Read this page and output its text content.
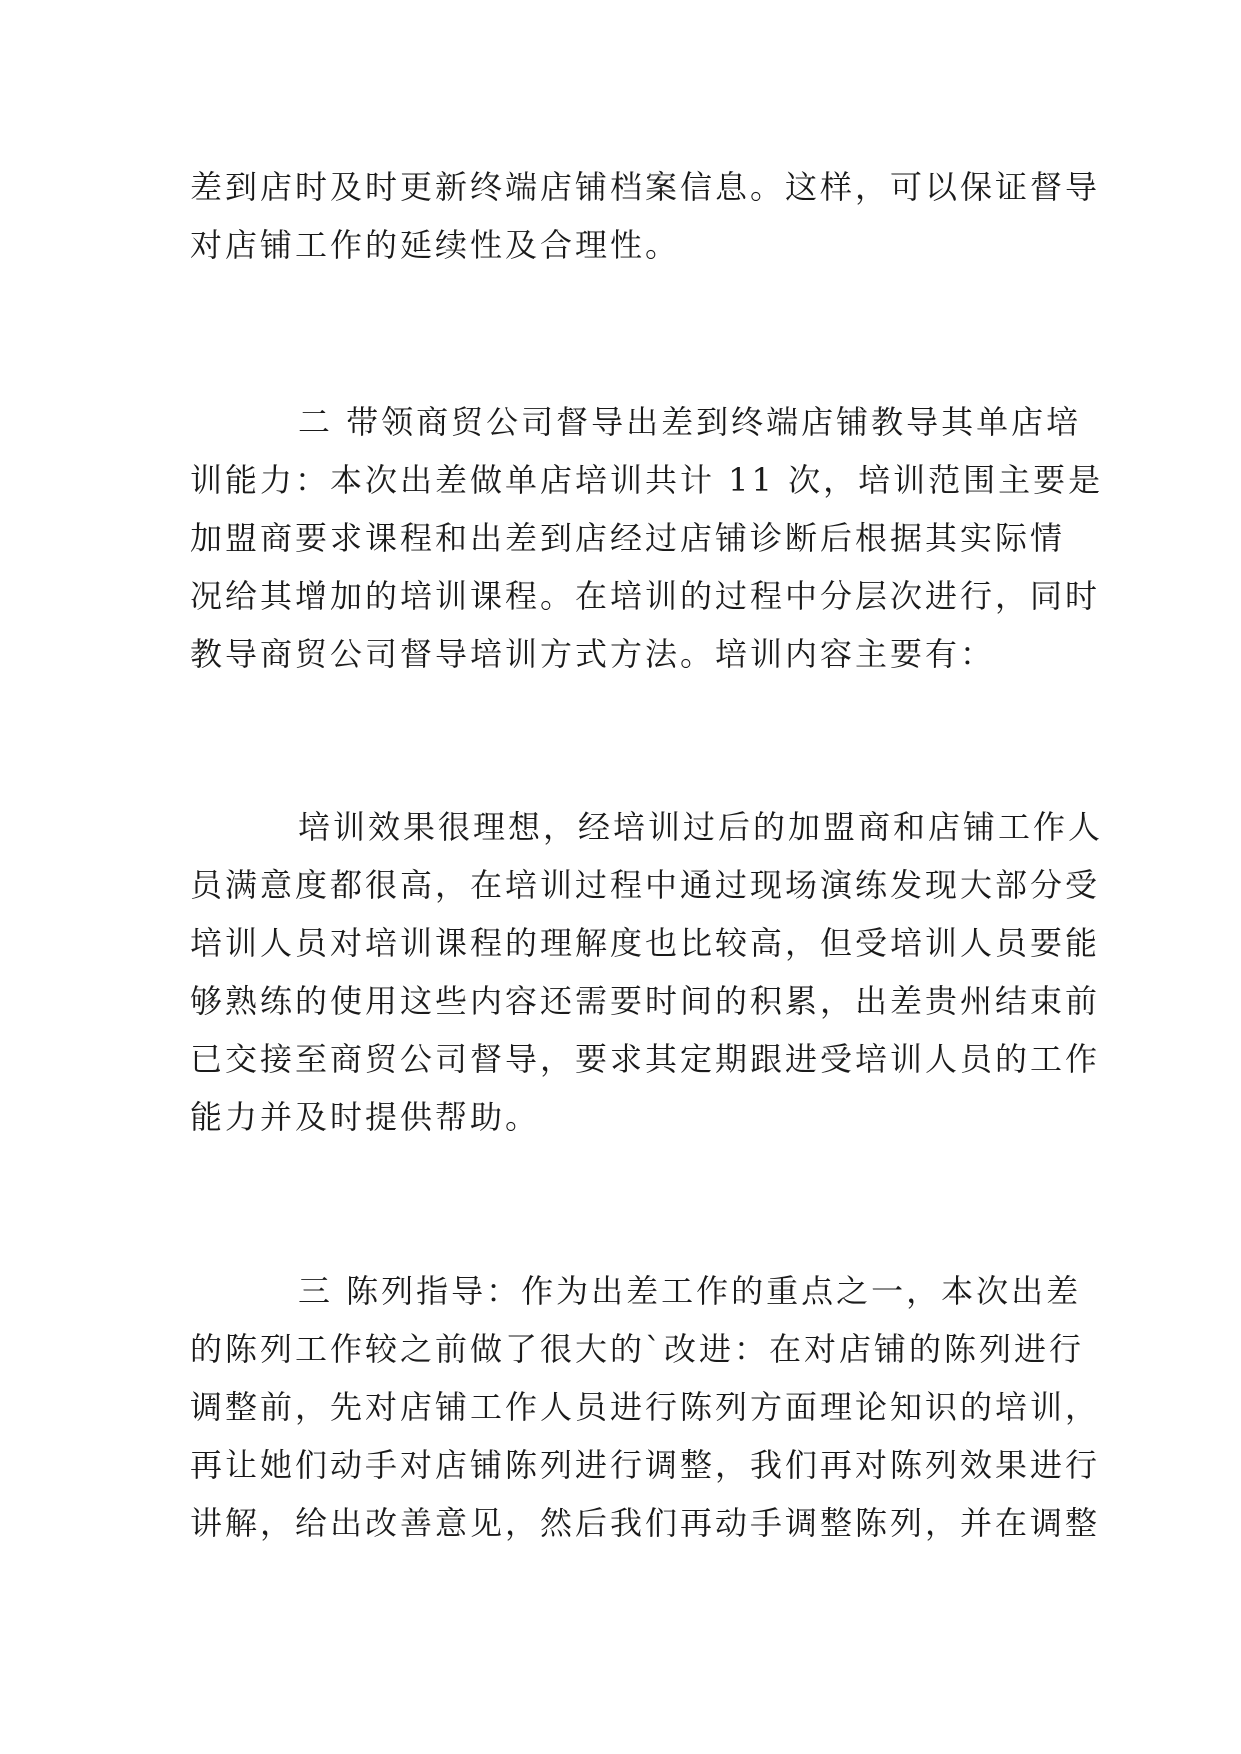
差到店时及时更新终端店铺档案信息。这样，可以保证督导
对店铺工作的延续性及合理性。
二 带领商贸公司督导出差到终端店铺教导其单店培
训能力：本次出差做单店培训共计 11 次，培训范围主要是
加盟商要求课程和出差到店经过店铺诊断后根据其实际情
况给其增加的培训课程。在培训的过程中分层次进行，同时
教导商贸公司督导培训方式方法。培训内容主要有：
培训效果很理想，经培训过后的加盟商和店铺工作人
员满意度都很高，在培训过程中通过现场演练发现大部分受
培训人员对培训课程的理解度也比较高，但受培训人员要能
够熟练的使用这些内容还需要时间的积累，出差贵州结束前
已交接至商贸公司督导，要求其定期跟进受培训人员的工作
能力并及时提供帮助。
三 陈列指导：作为出差工作的重点之一，本次出差
的陈列工作较之前做了很大的`改进：在对店铺的陈列进行
调整前，先对店铺工作人员进行陈列方面理论知识的培训，
再让她们动手对店铺陈列进行调整，我们再对陈列效果进行
讲解，给出改善意见，然后我们再动手调整陈列，并在调整
